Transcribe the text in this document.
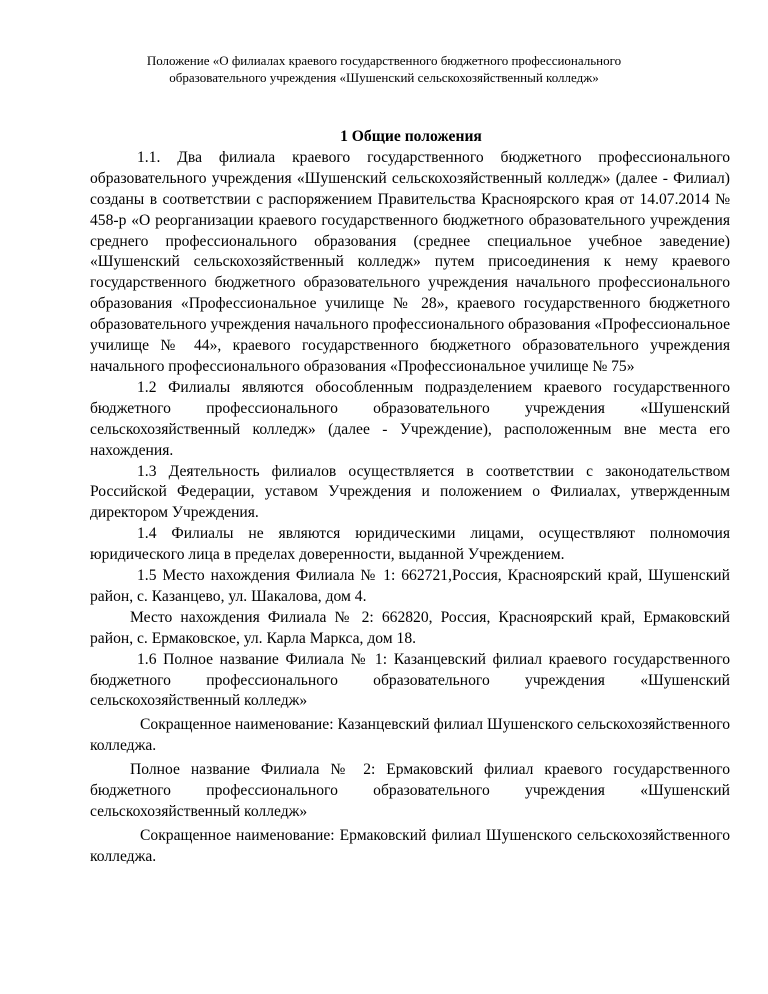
Положение «О филиалах краевого государственного бюджетного профессионального
образовательного учреждения «Шушенский сельскохозяйственный колледж»
1 Общие положения

1.1. Два филиала краевого государственного бюджетного профессионального образовательного учреждения «Шушенский сельскохозяйственный колледж» (далее - Филиал) созданы в соответствии с распоряжением Правительства Красноярского края от 14.07.2014 № 458-р «О реорганизации краевого государственного бюджетного образовательного учреждения среднего профессионального образования (среднее специальное учебное заведение) «Шушенский сельскохозяйственный колледж» путем присоединения к нему краевого государственного бюджетного образовательного учреждения начального профессионального образования «Профессиональное училище № 28», краевого государственного бюджетного образовательного учреждения начального профессионального образования «Профессиональное училище № 44», краевого государственного бюджетного образовательного учреждения начального профессионального образования «Профессиональное училище № 75»

1.2 Филиалы являются обособленным подразделением краевого государственного бюджетного профессионального образовательного учреждения «Шушенский сельскохозяйственный колледж» (далее - Учреждение), расположенным вне места его нахождения.

1.3 Деятельность филиалов осуществляется в соответствии с законодательством Российской Федерации, уставом Учреждения и положением о Филиалах, утвержденным директором Учреждения.

1.4 Филиалы не являются юридическими лицами, осуществляют полномочия юридического лица в пределах доверенности, выданной Учреждением.

1.5 Место нахождения Филиала № 1: 662721,Россия, Красноярский край, Шушенский район, с. Казанцево, ул. Шакалова, дом 4.

Место нахождения Филиала № 2: 662820, Россия, Красноярский край, Ермаковский район, с. Ермаковское, ул. Карла Маркса, дом 18.

1.6 Полное название Филиала № 1: Казанцевский филиал краевого государственного бюджетного профессионального образовательного учреждения «Шушенский сельскохозяйственный колледж»

Сокращенное наименование: Казанцевский филиал Шушенского сельскохозяйственного колледжа.

Полное название Филиала № 2: Ермаковский филиал краевого государственного бюджетного профессионального образовательного учреждения «Шушенский сельскохозяйственный колледж»

Сокращенное наименование: Ермаковский филиал Шушенского сельскохозяйственного колледжа.
